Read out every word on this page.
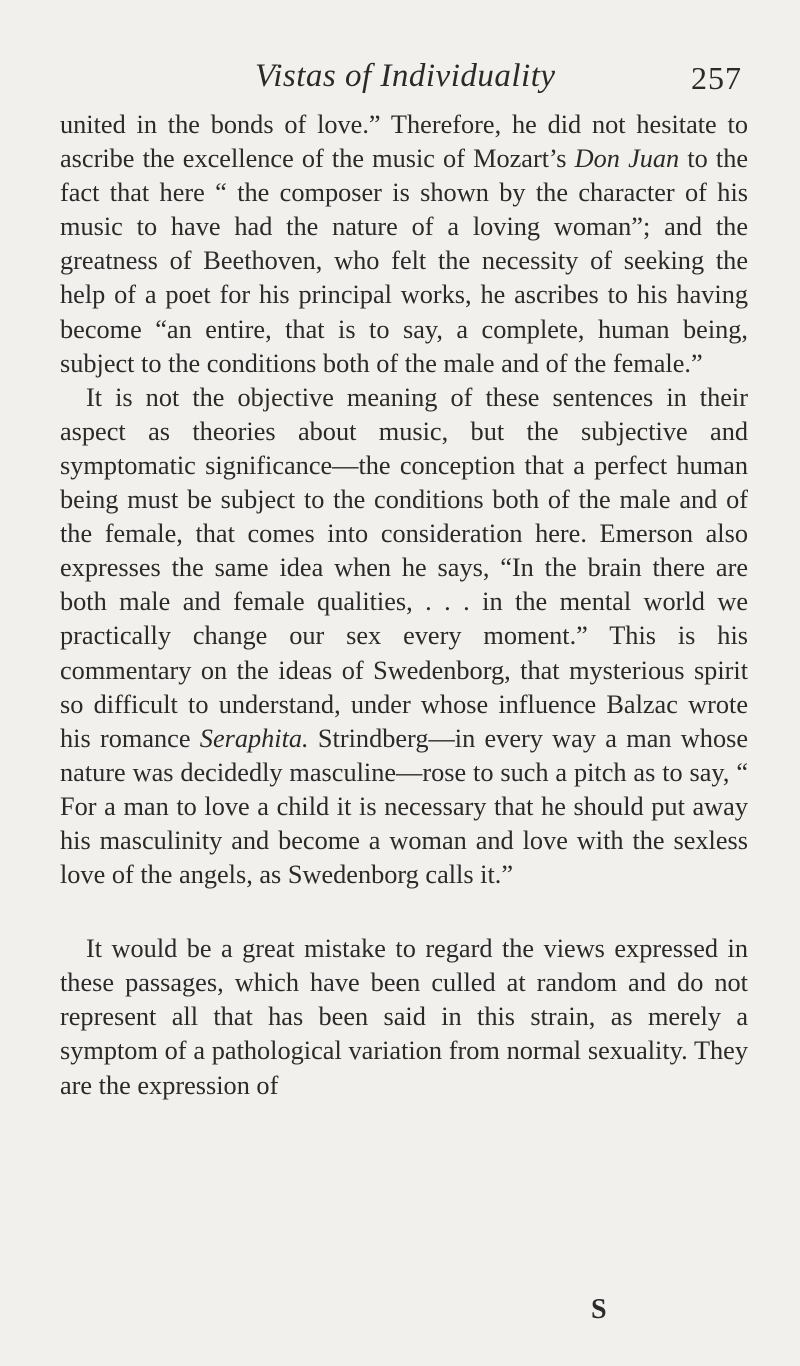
Vistas of Individuality	257

united in the bonds of love.” Therefore, he did not hesitate to ascribe the excellence of the music of Mozart’s Don Juan to the fact that here “ the composer is shown by the character of his music to have had the nature of a loving woman”; and the greatness of Beethoven, who felt the necessity of seeking the help of a poet for his principal works, he ascribes to his having become “an entire, that is to say, a complete, human being, subject to the conditions both of the male and of the female.”

It is not the objective meaning of these sentences in their aspect as theories about music, but the subjective and symptomatic significance—the conception that a perfect human being must be subject to the conditions both of the male and of the female, that comes into consideration here. Emerson also expresses the same idea when he says, “In the brain there are both male and female qualities, . . . in the mental world we practically change our sex every moment.” This is his commentary on the ideas of Swedenborg, that mysterious spirit so difficult to understand, under whose influence Balzac wrote his romance Seraphita. Strindberg—in every way a man whose nature was decidedly masculine—rose to such a pitch as to say, “ For a man to love a child it is necessary that he should put away his masculinity and become a woman and love with the sexless love of the angels, as Swedenborg calls it.”

It would be a great mistake to regard the views expressed in these passages, which have been culled at random and do not represent all that has been said in this strain, as merely a symptom of a pathological variation from normal sexuality. They are the expression of

S
